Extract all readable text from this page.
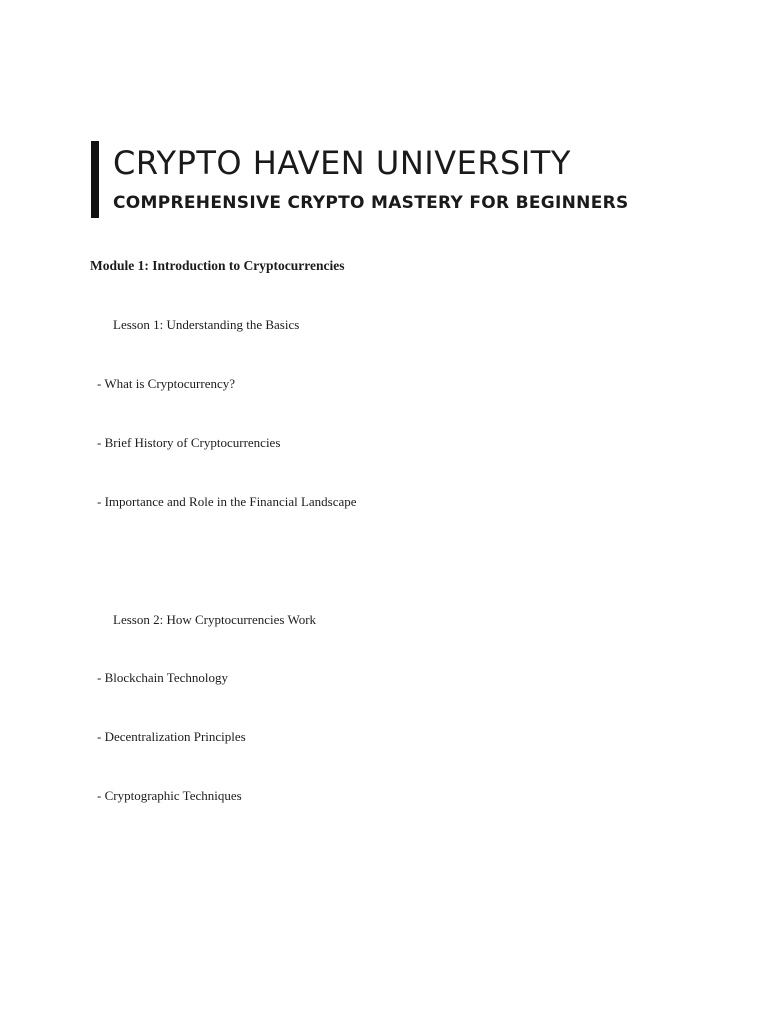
CRYPTO HAVEN UNIVERSITY
COMPREHENSIVE CRYPTO MASTERY FOR BEGINNERS
Module 1: Introduction to Cryptocurrencies
Lesson 1: Understanding the Basics
- What is Cryptocurrency?
- Brief History of Cryptocurrencies
- Importance and Role in the Financial Landscape
Lesson 2: How Cryptocurrencies Work
- Blockchain Technology
- Decentralization Principles
- Cryptographic Techniques
